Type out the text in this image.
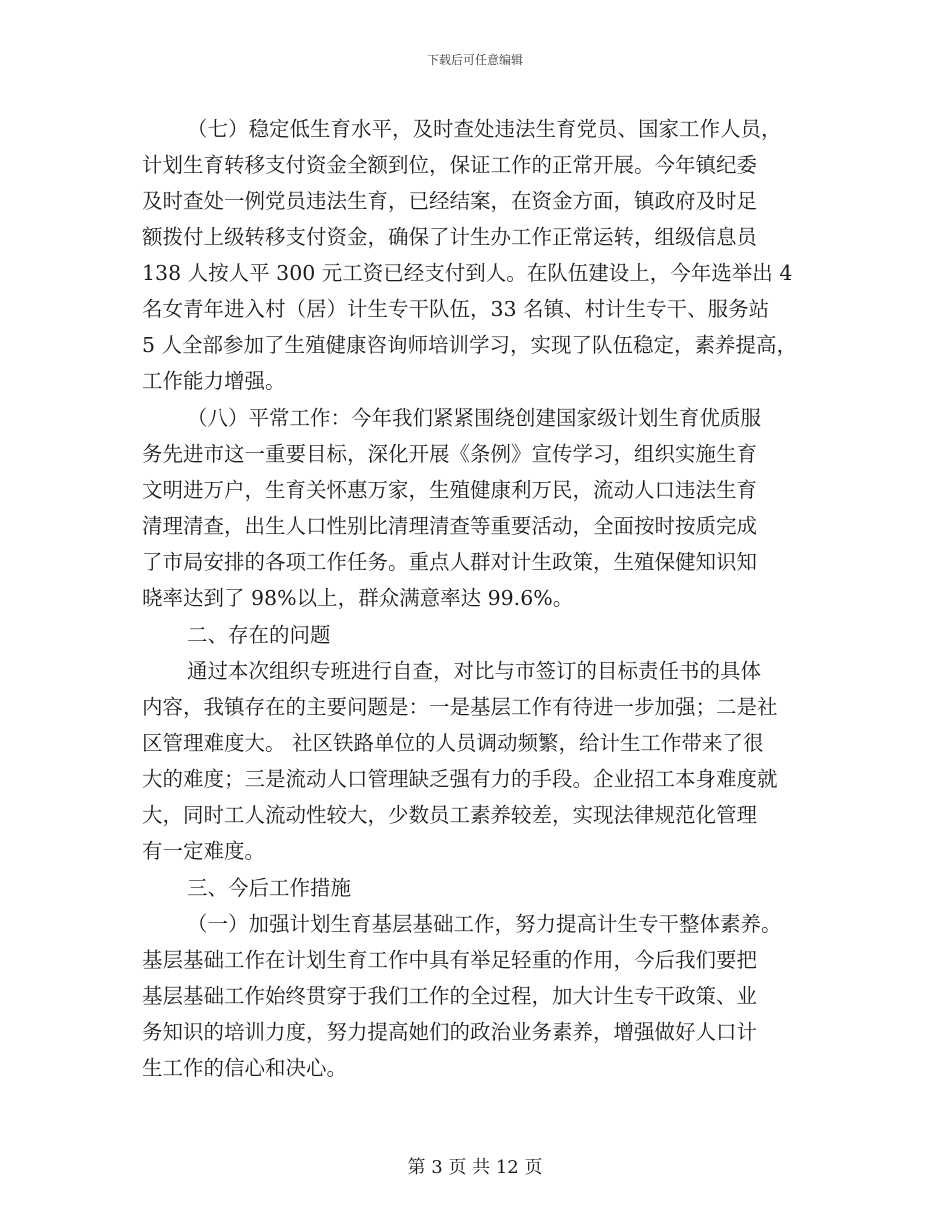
下载后可任意编辑
（七）稳定低生育水平，及时查处违法生育党员、国家工作人员，
计划生育转移支付资金全额到位，保证工作的正常开展。今年镇纪委
及时查处一例党员违法生育，已经结案，在资金方面，镇政府及时足
额拨付上级转移支付资金，确保了计生办工作正常运转，组级信息员
138 人按人平 300 元工资已经支付到人。在队伍建设上，今年选举出 4
名女青年进入村（居）计生专干队伍，33 名镇、村计生专干、服务站
5 人全部参加了生殖健康咨询师培训学习，实现了队伍稳定，素养提高，
工作能力增强。
（八）平常工作：今年我们紧紧围绕创建国家级计划生育优质服
务先进市这一重要目标，深化开展《条例》宣传学习，组织实施生育
文明进万户，生育关怀惠万家，生殖健康利万民，流动人口违法生育
清理清查，出生人口性别比清理清查等重要活动，全面按时按质完成
了市局安排的各项工作任务。重点人群对计生政策，生殖保健知识知
晓率达到了 98%以上，群众满意率达 99.6%。
二、存在的问题
通过本次组织专班进行自查，对比与市签订的目标责任书的具体
内容，我镇存在的主要问题是：一是基层工作有待进一步加强；二是社
区管理难度大。 社区铁路单位的人员调动频繁，给计生工作带来了很
大的难度；三是流动人口管理缺乏强有力的手段。企业招工本身难度就
大，同时工人流动性较大，少数员工素养较差，实现法律规范化管理
有一定难度。
三、今后工作措施
（一）加强计划生育基层基础工作，努力提高计生专干整体素养。
基层基础工作在计划生育工作中具有举足轻重的作用，今后我们要把
基层基础工作始终贯穿于我们工作的全过程，加大计生专干政策、业
务知识的培训力度，努力提高她们的政治业务素养，增强做好人口计
生工作的信心和决心。
第 3 页 共 12 页
